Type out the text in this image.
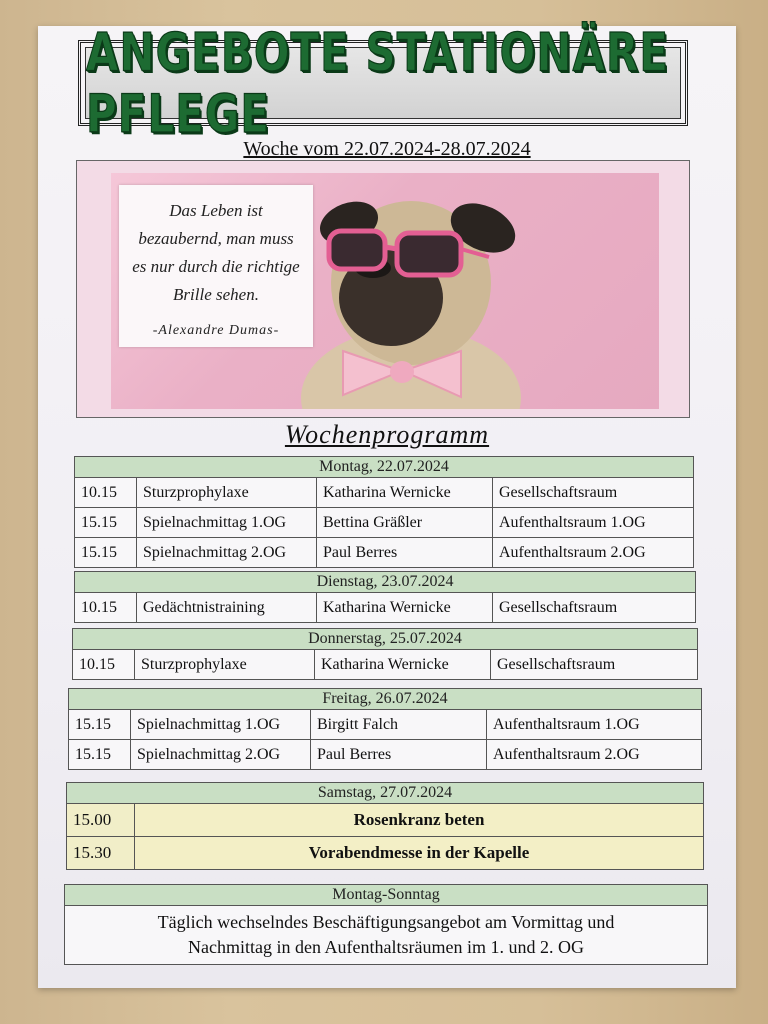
ANGEBOTE STATIONÄRE PFLEGE
Woche vom 22.07.2024-28.07.2024
Das Leben ist
bezaubernd, man muss
es nur durch die richtige
Brille sehen.
-Alexandre Dumas-
Wochenprogramm
Montag, 22.07.2024
10.15	Sturzprophylaxe	Katharina Wernicke	Gesellschaftsraum
15.15	Spielnachmittag 1.OG	Bettina Gräßler	Aufenthaltsraum 1.OG
15.15	Spielnachmittag 2.OG	Paul Berres	Aufenthaltsraum 2.OG
Dienstag, 23.07.2024
10.15	Gedächtnistraining	Katharina Wernicke	Gesellschaftsraum
Donnerstag, 25.07.2024
10.15	Sturzprophylaxe	Katharina Wernicke	Gesellschaftsraum
Freitag, 26.07.2024
15.15	Spielnachmittag 1.OG	Birgitt Falch	Aufenthaltsraum 1.OG
15.15	Spielnachmittag 2.OG	Paul Berres	Aufenthaltsraum 2.OG
Samstag, 27.07.2024
15.00	Rosenkranz beten
15.30	Vorabendmesse in der Kapelle
Montag-Sonntag
Täglich wechselndes Beschäftigungsangebot am Vormittag und
Nachmittag in den Aufenthaltsräumen im 1. und 2. OG
